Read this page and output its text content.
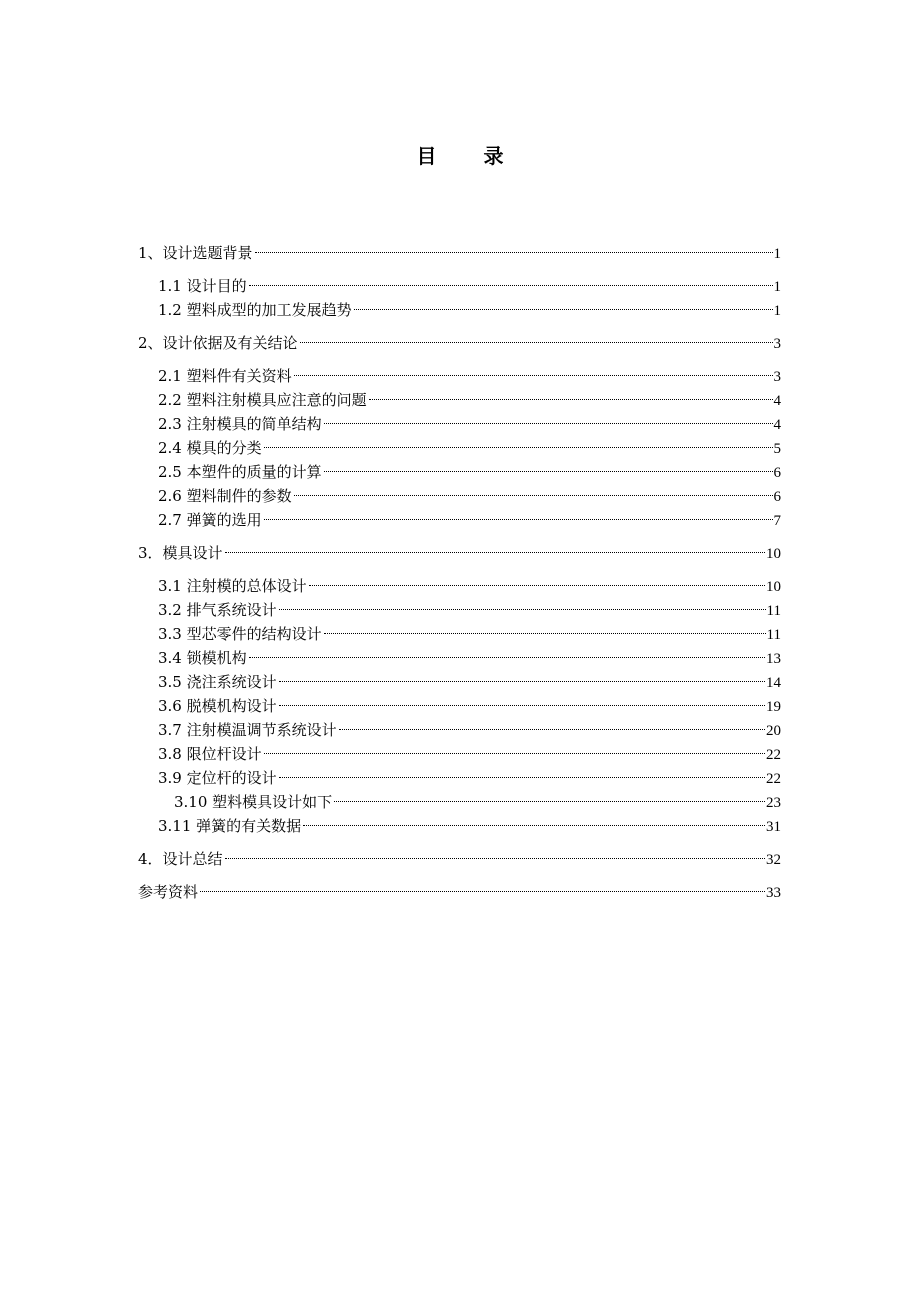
目 录
1、设计选题背景	1
1.1 设计目的	1
1.2 塑料成型的加工发展趋势	1
2、设计依据及有关结论	3
2.1 塑料件有关资料	3
2.2 塑料注射模具应注意的问题	4
2.3 注射模具的简单结构	4
2.4 模具的分类	5
2.5 本塑件的质量的计算	6
2.6 塑料制件的参数	6
2.7 弹簧的选用	7
3．模具设计	10
3.1 注射模的总体设计	10
3.2 排气系统设计	11
3.3 型芯零件的结构设计	11
3.4 锁模机构	13
3.5 浇注系统设计	14
3.6 脱模机构设计	19
3.7 注射模温调节系统设计	20
3.8 限位杆设计	22
3.9 定位杆的设计	22
3.10 塑料模具设计如下	23
3.11 弹簧的有关数据	31
4．设计总结	32
参考资料	33
